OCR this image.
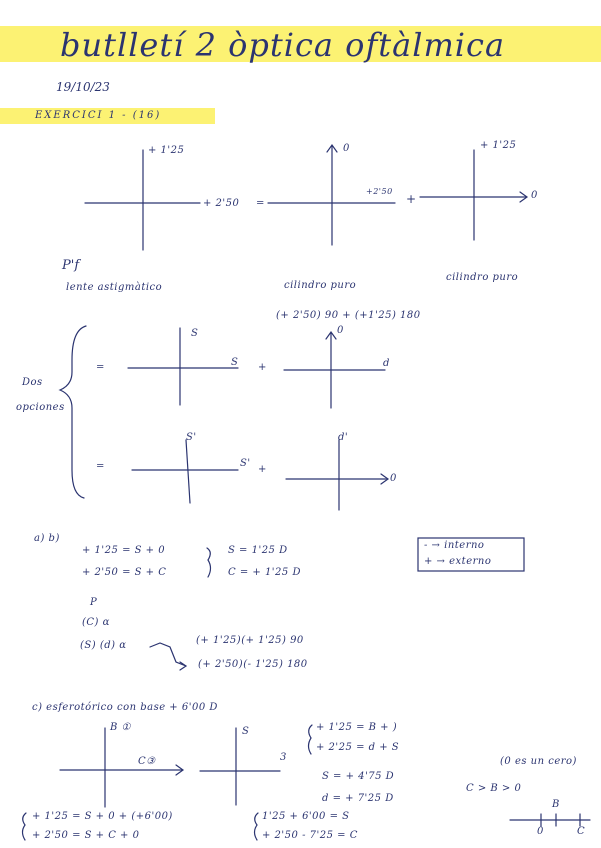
butlletí 2 òptica oftàlmica
19/10/23
EXERCICI 1 - (16)
+ 1'25
+ 2'50 =
0
+2'50
+
+ 1'25
0
P'f
lente astigmàtico	cilindro puro
cilindro puro
(+ 2'50) 90 + (+1'25) 180
Dos
opciones
=
S
S +
0
d
=
S'
S'
+
d'
0
a) b)
+ 1'25 = S + 0
+ 2'50 = S + C
S = 1'25 D
C = + 1'25 D
- → interno
+ → externo
P
(C) α
(S) (d) α	(+ 1'25)(+ 1'25) 90
(+ 2'50)(- 1'25) 180
c) esferotórico con base + 6'00 D
B ①
C③
S
3
+ 1'25 = B + )
+ 2'25 = d + S
S = + 4'75 D
d = + 7'25 D
(0 es un cero)
C > B > 0
B
0	C
+ 1'25 = S + 0 + (+6'00)
+ 2'50 = S + C + 0
1'25 + 6'00 = S
+ 2'50 - 7'25 = C
